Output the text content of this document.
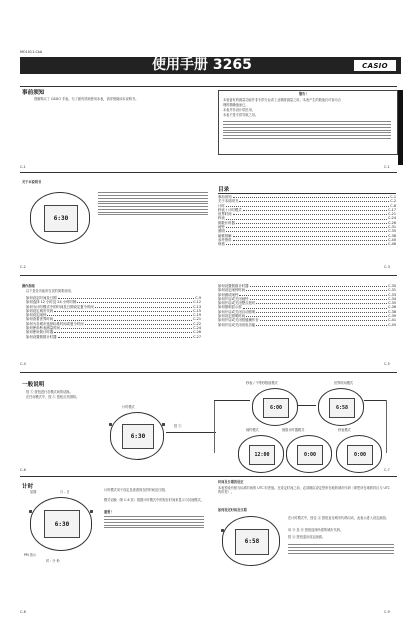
MO1011-CkA
使用手册 3265	CASIO
事前须知
感谢购买了 CASIO 手表。为了最有效地使用本表，请详细阅读本说明书。
警告！
本表备有的测量功能并非专供专业或工业精度测量之用。本表产生的数值仅可视为合
理的精确值而已。
本表并非设计供医用。
本表不是专供导航之用。
C-1	C-1
关于本说明书
6:30
目录
事前须知	C-1
关于本说明书	C-2
计时	C-8
秒表 / 计时模式	C-17
世界时间	C-21
秒表	C-24
倒数计时器	C-26
闹铃	C-31
照明	C-35
疑难排解	C-38
参考资料	C-40
规格	C-46
C-2	C-3
操作指南
以下是各功能所在页的简要说明。
如何设定时间及日期	C-9
如何选择 12 小时及 24 小时时制	C-12
如何为计时模式中的时间及日期设定夏令时间	C-13
如何设定城市代码	C-15
如何设定闹钟	C-19
如何查看世界时间	C-21
如何为各城市选择标准时间或夏令时间	C-22
如何使用秒表测量时间	C-24
如何使用倒计时器	C-26
如何设置倒数计时器	C-27
如何设置倒数计时器	C-30
如何设定闹钟时间	C-31
如何测试闹铃	C-33
如何开启或关闭闹铃	C-34
如何开启或关闭整点报时	C-35
如何照明显示屏	C-36
如何开启或关闭自动照明	C-38
如何设定照明时间	C-39
如何开启或关闭按键操作音	C-41
如何开启或关闭省电功能	C-45
C-4	C-5
一般说明
按 Ⓒ 按钮进行各模式间的切换。
在任何模式中，按 Ⓛ 按钮点亮照明。
计时模式
6:30
按 Ⓒ
秒表 / 不等秒数值模式	世界时间模式
6:00	6:58
闹铃模式	倒数计时器模式	秒表模式
12:00	0:00	0:00
C-6	C-7
计时
星期	月 - 日
6:30
PM 指示
时 : 分 秒
计时模式用于设定及查看现在的时间及日期。
模式切换（第 C-6 页）根据计时模式中的现在时间来显示与其他模式。
重要！
C-8
时间及日期的设定
本表预设有相当标准时间的 UTC 时差值。在设定时间之前，必须确实设定您所在地的城市代码（即您所在地的时区与 UTC 的时差）。
如何设定时间及日期
6:58
在计时模式中，按住 Ⓐ 按钮直至城市代码闪动，此表示进入设定画面。
用 Ⓓ 及 Ⓑ 按钮选择所需的城市代码。
按 Ⓐ 按钮退出设定画面。
C-9
